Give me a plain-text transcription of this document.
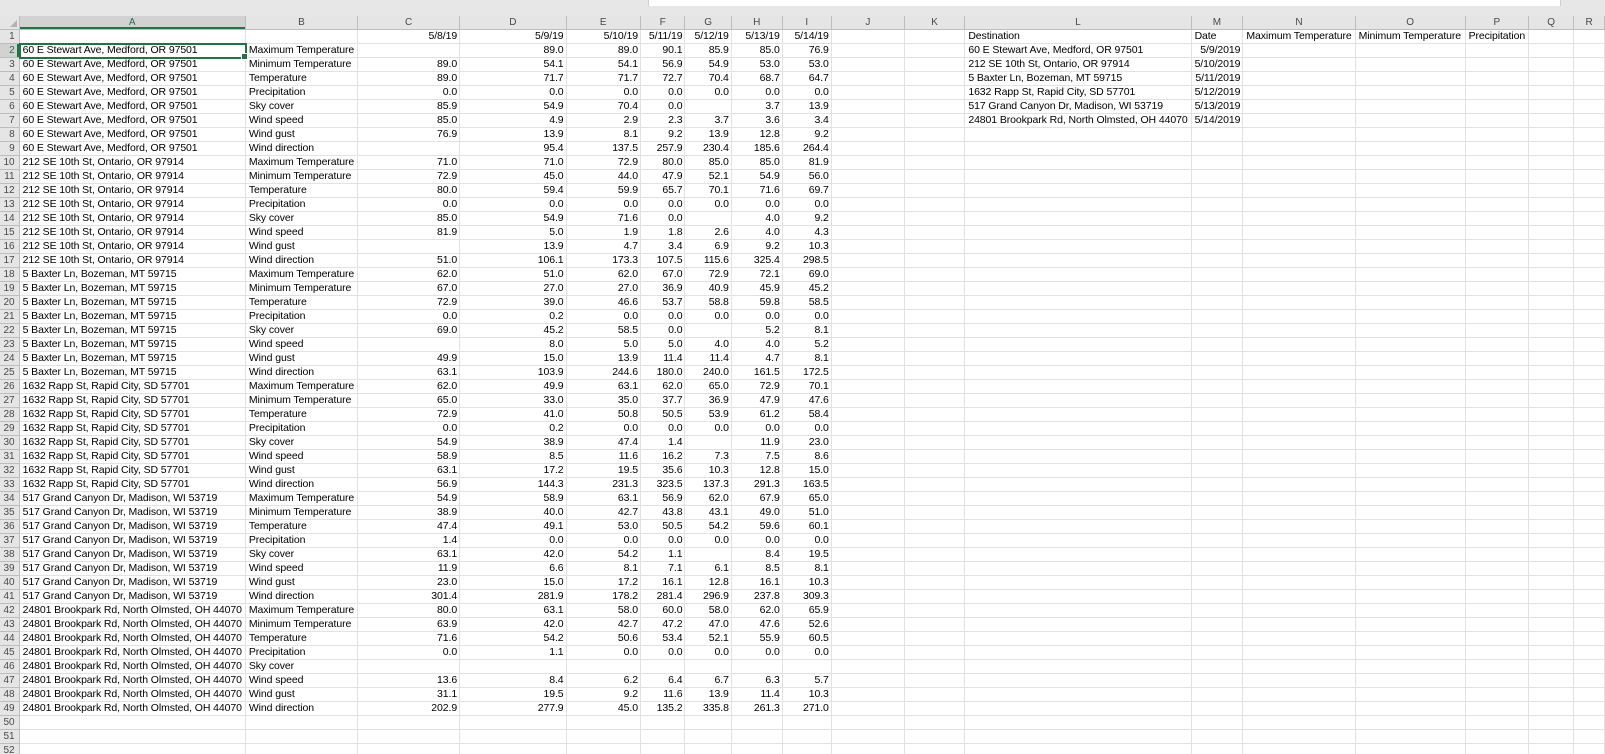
	A	B	C	D	E	F	G	H	I	J	K	L	M	N	O	P	Q	R
1			5/8/19	5/9/19	5/10/19	5/11/19	5/12/19	5/13/19	5/14/19			Destination	Date	Maximum Temperature	Minimum Temperature	Precipitation		
2	60 E Stewart Ave, Medford, OR 97501	Maximum Temperature		89.0	89.0	90.1	85.9	85.0	76.9			60 E Stewart Ave, Medford, OR 97501	5/9/2019					
3	60 E Stewart Ave, Medford, OR 97501	Minimum Temperature	89.0	54.1	54.1	56.9	54.9	53.0	53.0			212 SE 10th St, Ontario, OR 97914	5/10/2019					
4	60 E Stewart Ave, Medford, OR 97501	Temperature	89.0	71.7	71.7	72.7	70.4	68.7	64.7			5 Baxter Ln, Bozeman, MT 59715	5/11/2019					
5	60 E Stewart Ave, Medford, OR 97501	Precipitation	0.0	0.0	0.0	0.0	0.0	0.0	0.0			1632 Rapp St, Rapid City, SD 57701	5/12/2019					
6	60 E Stewart Ave, Medford, OR 97501	Sky cover	85.9	54.9	70.4	0.0		3.7	13.9			517 Grand Canyon Dr, Madison, WI 53719	5/13/2019					
7	60 E Stewart Ave, Medford, OR 97501	Wind speed	85.0	4.9	2.9	2.3	3.7	3.6	3.4			24801 Brookpark Rd, North Olmsted, OH 44070	5/14/2019					
8	60 E Stewart Ave, Medford, OR 97501	Wind gust	76.9	13.9	8.1	9.2	13.9	12.8	9.2									
9	60 E Stewart Ave, Medford, OR 97501	Wind direction		95.4	137.5	257.9	230.4	185.6	264.4									
10	212 SE 10th St, Ontario, OR 97914	Maximum Temperature	71.0	71.0	72.9	80.0	85.0	85.0	81.9									
11	212 SE 10th St, Ontario, OR 97914	Minimum Temperature	72.9	45.0	44.0	47.9	52.1	54.9	56.0									
12	212 SE 10th St, Ontario, OR 97914	Temperature	80.0	59.4	59.9	65.7	70.1	71.6	69.7									
13	212 SE 10th St, Ontario, OR 97914	Precipitation	0.0	0.0	0.0	0.0	0.0	0.0	0.0									
14	212 SE 10th St, Ontario, OR 97914	Sky cover	85.0	54.9	71.6	0.0		4.0	9.2									
15	212 SE 10th St, Ontario, OR 97914	Wind speed	81.9	5.0	1.9	1.8	2.6	4.0	4.3									
16	212 SE 10th St, Ontario, OR 97914	Wind gust		13.9	4.7	3.4	6.9	9.2	10.3									
17	212 SE 10th St, Ontario, OR 97914	Wind direction	51.0	106.1	173.3	107.5	115.6	325.4	298.5									
18	5 Baxter Ln, Bozeman, MT 59715	Maximum Temperature	62.0	51.0	62.0	67.0	72.9	72.1	69.0									
19	5 Baxter Ln, Bozeman, MT 59715	Minimum Temperature	67.0	27.0	27.0	36.9	40.9	45.9	45.2									
20	5 Baxter Ln, Bozeman, MT 59715	Temperature	72.9	39.0	46.6	53.7	58.8	59.8	58.5									
21	5 Baxter Ln, Bozeman, MT 59715	Precipitation	0.0	0.2	0.0	0.0	0.0	0.0	0.0									
22	5 Baxter Ln, Bozeman, MT 59715	Sky cover	69.0	45.2	58.5	0.0		5.2	8.1									
23	5 Baxter Ln, Bozeman, MT 59715	Wind speed		8.0	5.0	5.0	4.0	4.0	5.2									
24	5 Baxter Ln, Bozeman, MT 59715	Wind gust	49.9	15.0	13.9	11.4	11.4	4.7	8.1									
25	5 Baxter Ln, Bozeman, MT 59715	Wind direction	63.1	103.9	244.6	180.0	240.0	161.5	172.5									
26	1632 Rapp St, Rapid City, SD 57701	Maximum Temperature	62.0	49.9	63.1	62.0	65.0	72.9	70.1									
27	1632 Rapp St, Rapid City, SD 57701	Minimum Temperature	65.0	33.0	35.0	37.7	36.9	47.9	47.6									
28	1632 Rapp St, Rapid City, SD 57701	Temperature	72.9	41.0	50.8	50.5	53.9	61.2	58.4									
29	1632 Rapp St, Rapid City, SD 57701	Precipitation	0.0	0.2	0.0	0.0	0.0	0.0	0.0									
30	1632 Rapp St, Rapid City, SD 57701	Sky cover	54.9	38.9	47.4	1.4		11.9	23.0									
31	1632 Rapp St, Rapid City, SD 57701	Wind speed	58.9	8.5	11.6	16.2	7.3	7.5	8.6									
32	1632 Rapp St, Rapid City, SD 57701	Wind gust	63.1	17.2	19.5	35.6	10.3	12.8	15.0									
33	1632 Rapp St, Rapid City, SD 57701	Wind direction	56.9	144.3	231.3	323.5	137.3	291.3	163.5									
34	517 Grand Canyon Dr, Madison, WI 53719	Maximum Temperature	54.9	58.9	63.1	56.9	62.0	67.9	65.0									
35	517 Grand Canyon Dr, Madison, WI 53719	Minimum Temperature	38.9	40.0	42.7	43.8	43.1	49.0	51.0									
36	517 Grand Canyon Dr, Madison, WI 53719	Temperature	47.4	49.1	53.0	50.5	54.2	59.6	60.1									
37	517 Grand Canyon Dr, Madison, WI 53719	Precipitation	1.4	0.0	0.0	0.0	0.0	0.0	0.0									
38	517 Grand Canyon Dr, Madison, WI 53719	Sky cover	63.1	42.0	54.2	1.1		8.4	19.5									
39	517 Grand Canyon Dr, Madison, WI 53719	Wind speed	11.9	6.6	8.1	7.1	6.1	8.5	8.1									
40	517 Grand Canyon Dr, Madison, WI 53719	Wind gust	23.0	15.0	17.2	16.1	12.8	16.1	10.3									
41	517 Grand Canyon Dr, Madison, WI 53719	Wind direction	301.4	281.9	178.2	281.4	296.9	237.8	309.3									
42	24801 Brookpark Rd, North Olmsted, OH 44070	Maximum Temperature	80.0	63.1	58.0	60.0	58.0	62.0	65.9									
43	24801 Brookpark Rd, North Olmsted, OH 44070	Minimum Temperature	63.9	42.0	42.7	47.2	47.0	47.6	52.6									
44	24801 Brookpark Rd, North Olmsted, OH 44070	Temperature	71.6	54.2	50.6	53.4	52.1	55.9	60.5									
45	24801 Brookpark Rd, North Olmsted, OH 44070	Precipitation	0.0	1.1	0.0	0.0	0.0	0.0	0.0									
46	24801 Brookpark Rd, North Olmsted, OH 44070	Sky cover																
47	24801 Brookpark Rd, North Olmsted, OH 44070	Wind speed	13.6	8.4	6.2	6.4	6.7	6.3	5.7									
48	24801 Brookpark Rd, North Olmsted, OH 44070	Wind gust	31.1	19.5	9.2	11.6	13.9	11.4	10.3									
49	24801 Brookpark Rd, North Olmsted, OH 44070	Wind direction	202.9	277.9	45.0	135.2	335.8	261.3	271.0									
50																		
51																		
52																		
